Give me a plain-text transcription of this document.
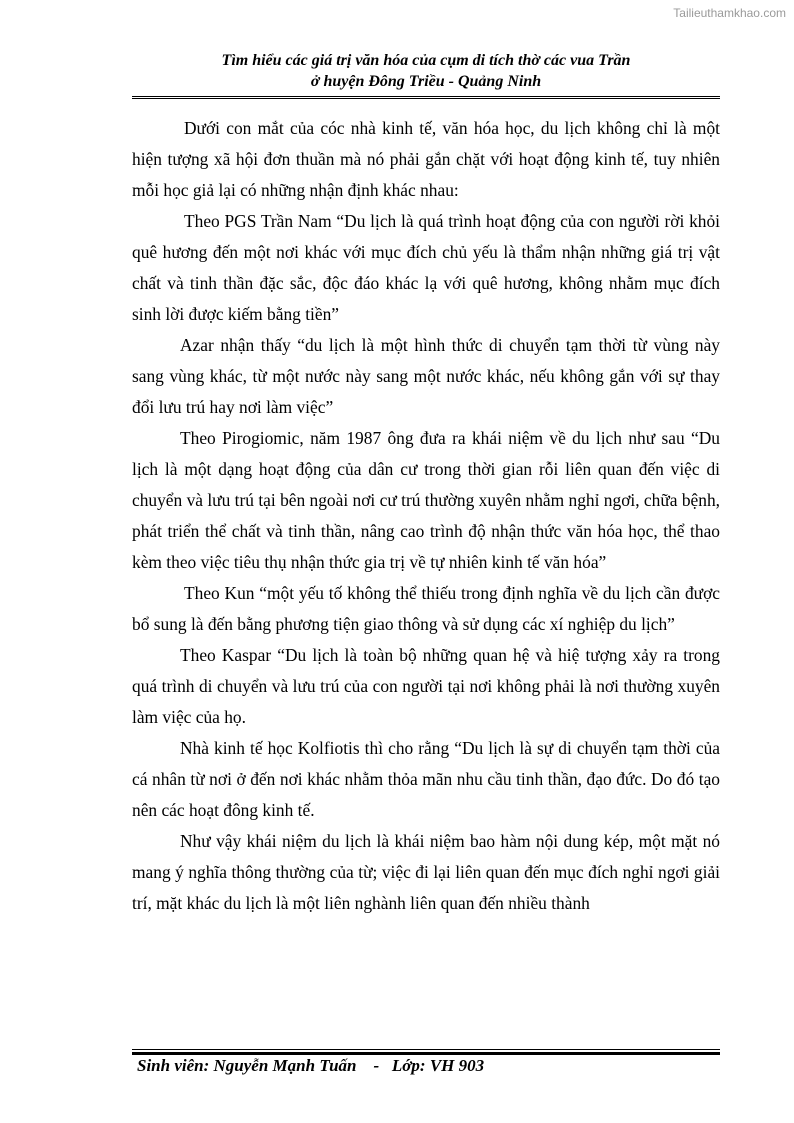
Tailieuthamkhao.com
Tìm hiểu các giá trị văn hóa của cụm di tích thờ các vua Trần
ở huyện Đông Triều - Quảng Ninh

Dưới con mắt của cóc nhà kinh tế, văn hóa học, du lịch không chỉ là một hiện tượng xã hội đơn thuần mà nó phải gắn chặt với hoạt động kinh tế, tuy nhiên mỗi học giả lại có những nhận định khác nhau:

Theo PGS Trần Nam “Du lịch là quá trình hoạt động của con người rời khỏi quê hương đến một nơi khác với mục đích chủ yếu là thẩm nhận những giá trị vật chất và tinh thần đặc sắc, độc đáo khác lạ với quê hương, không nhằm mục đích sinh lời được kiếm bằng tiền”

Azar nhận thấy “du lịch là một hình thức di chuyển tạm thời từ vùng này sang vùng khác, từ một nước này sang một nước khác, nếu không gắn với sự thay đổi lưu trú hay nơi làm việc”

Theo Pirogiomic, năm 1987 ông đưa ra khái niệm về du lịch như sau “Du lịch là một dạng hoạt động của dân cư trong thời gian rỗi liên quan đến việc di chuyển và lưu trú tại bên ngoài nơi cư trú thường xuyên nhằm nghỉ ngơi, chữa bệnh, phát triển thể chất và tinh thần, nâng cao trình độ nhận thức văn hóa học, thể thao kèm theo việc tiêu thụ nhận thức gia trị về tự nhiên kinh tế văn hóa”

Theo Kun “một yếu tố không thể thiếu trong định nghĩa về du lịch cần được bổ sung là đến bằng phương tiện giao thông và sử dụng các xí nghiệp du lịch”

Theo Kaspar “Du lịch là toàn bộ những quan hệ và hiệ tượng xảy ra trong quá trình di chuyển và lưu trú của con người tại nơi không phải là nơi thường xuyên làm việc của họ.

Nhà kinh tế học Kolfiotis thì cho rằng “Du lịch là sự di chuyển tạm thời của cá nhân từ nơi ở đến nơi khác nhằm thỏa mãn nhu cầu tinh thần, đạo đức. Do đó tạo nên các hoạt đông kinh tế.

Như vậy khái niệm du lịch là khái niệm bao hàm nội dung kép, một mặt nó mang ý nghĩa thông thường của từ; việc đi lại liên quan đến mục đích nghỉ ngơi giải trí, mặt khác du lịch là một liên nghành liên quan đến nhiều thành

Sinh viên: Nguyễn Mạnh Tuấn - Lớp: VH 903
